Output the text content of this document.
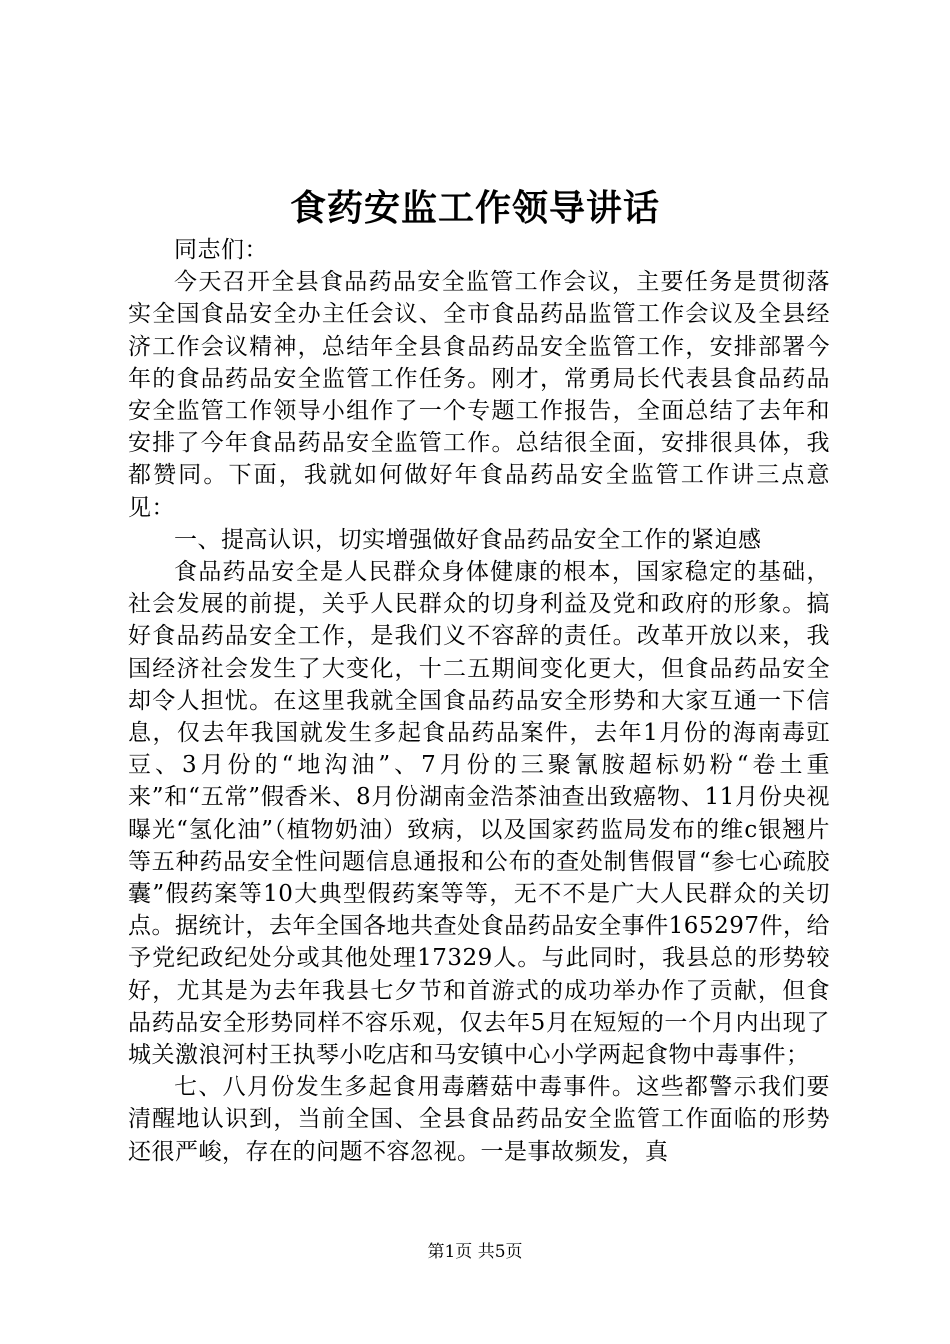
食药安监工作领导讲话

同志们：

今天召开全县食品药品安全监管工作会议，主要任务是贯彻落实全国食品安全办主任会议、全市食品药品监管工作会议及全县经济工作会议精神，总结年全县食品药品安全监管工作，安排部署今年的食品药品安全监管工作任务。刚才，常勇局长代表县食品药品安全监管工作领导小组作了一个专题工作报告，全面总结了去年和安排了今年食品药品安全监管工作。总结很全面，安排很具体，我都赞同。下面，我就如何做好年食品药品安全监管工作讲三点意见：

一、提高认识，切实增强做好食品药品安全工作的紧迫感

食品药品安全是人民群众身体健康的根本，国家稳定的基础，社会发展的前提，关乎人民群众的切身利益及党和政府的形象。搞好食品药品安全工作，是我们义不容辞的责任。改革开放以来，我国经济社会发生了大变化，十二五期间变化更大，但食品药品安全却令人担忧。在这里我就全国食品药品安全形势和大家互通一下信息，仅去年我国就发生多起食品药品案件，去年1月份的海南毒豇豆、3月份的“地沟油”、7月份的三聚氰胺超标奶粉“卷土重来”和“五常”假香米、8月份湖南金浩茶油查出致癌物、11月份央视曝光“氢化油”（植物奶油）致病，以及国家药监局发布的维c银翘片等五种药品安全性问题信息通报和公布的查处制售假冒“参七心疏胶囊”假药案等10大典型假药案等等，无不不是广大人民群众的关切点。据统计，去年全国各地共查处食品药品安全事件165297件，给予党纪政纪处分或其他处理17329人。与此同时，我县总的形势较好，尤其是为去年我县七夕节和首游式的成功举办作了贡献，但食品药品安全形势同样不容乐观，仅去年5月在短短的一个月内出现了城关激浪河村王执琴小吃店和马安镇中心小学两起食物中毒事件；

七、八月份发生多起食用毒蘑菇中毒事件。这些都警示我们要清醒地认识到，当前全国、全县食品药品安全监管工作面临的形势还很严峻，存在的问题不容忽视。一是事故频发，真

第1页 共5页
